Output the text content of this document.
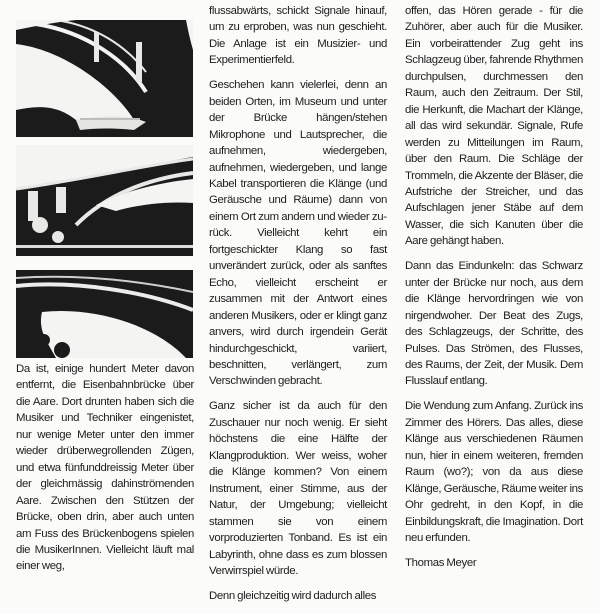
Da ist, einige hundert Meter davon entfernt, die Eisenbahnbrücke über die Aare. Dort drunten haben sich die Musiker und Techniker eingenistet, nur wenige Meter unter den immer wieder drüberwegrollenden Zügen, und etwa fünfunddreissig Meter über der gleichmässig dahinströmenden Aare. Zwischen den Stützen der Brücke, oben drin, aber auch unten am Fuss des Brückenbogens spielen die MusikerInnen. Vielleicht läuft mal einer weg,

flussabwärts, schickt Signale hinauf, um zu erproben, was nun geschieht. Die Anlage ist ein Musizier- und Experimentierfeld.

Geschehen kann vielerlei, denn an beiden Orten, im Museum und unter der Brücke hängen/stehen Mikrophone und Lautsprecher, die aufnehmen, wiedergeben, aufnehmen, wiedergeben, und lange Kabel transportieren die Klänge (und Geräusche und Räume) dann von einem Ort zum andern und wieder zurück. Vielleicht kehrt ein fortgeschickter Klang so fast unverändert zurück, oder als sanftes Echo, vielleicht erscheint er zusammen mit der Antwort eines anderen Musikers, oder er klingt ganz anvers, wird durch irgendein Gerät hindurchgeschickt, variiert, beschnitten, verlängert, zum Verschwinden gebracht.

Ganz sicher ist da auch für den Zuschauer nur noch wenig. Er sieht höchstens die eine Hälfte der Klangproduktion. Wer weiss, woher die Klänge kommen? Von einem Instrument, einer Stimme, aus der Natur, der Umgebung; vielleicht stammen sie von einem vorproduzierten Tonband. Es ist ein Labyrinth, ohne dass es zum blossen Verwirrspiel würde.

Denn gleichzeitig wird dadurch alles

offen, das Hören gerade - für die Zuhörer, aber auch für die Musiker. Ein vorbeirattender Zug geht ins Schlagzeug über, fahrende Rhythmen durchpulsen, durchmessen den Raum, auch den Zeitraum. Der Stil, die Herkunft, die Machart der Klänge, all das wird sekundär. Signale, Rufe werden zu Mitteilungen im Raum, über den Raum. Die Schläge der Trommeln, die Akzente der Bläser, die Aufstriche der Streicher, und das Aufschlagen jener Stäbe auf dem Wasser, die sich Kanuten über die Aare gehängt haben.

Dann das Eindunkeln: das Schwarz unter der Brücke nur noch, aus dem die Klänge hervordringen wie von nirgendwoher. Der Beat des Zugs, des Schlagzeugs, der Schritte, des Pulses. Das Strömen, des Flusses, des Raums, der Zeit, der Musik. Dem Flusslauf entlang.

Die Wendung zum Anfang. Zurück ins Zimmer des Hörers. Das alles, diese Klänge aus verschiedenen Räumen nun, hier in einem weiteren, fremden Raum (wo?); von da aus diese Klänge, Geräusche, Räume weiter ins Ohr gedreht, in den Kopf, in die Einbildungskraft, die Imagination. Dort neu erfunden.

Thomas Meyer
